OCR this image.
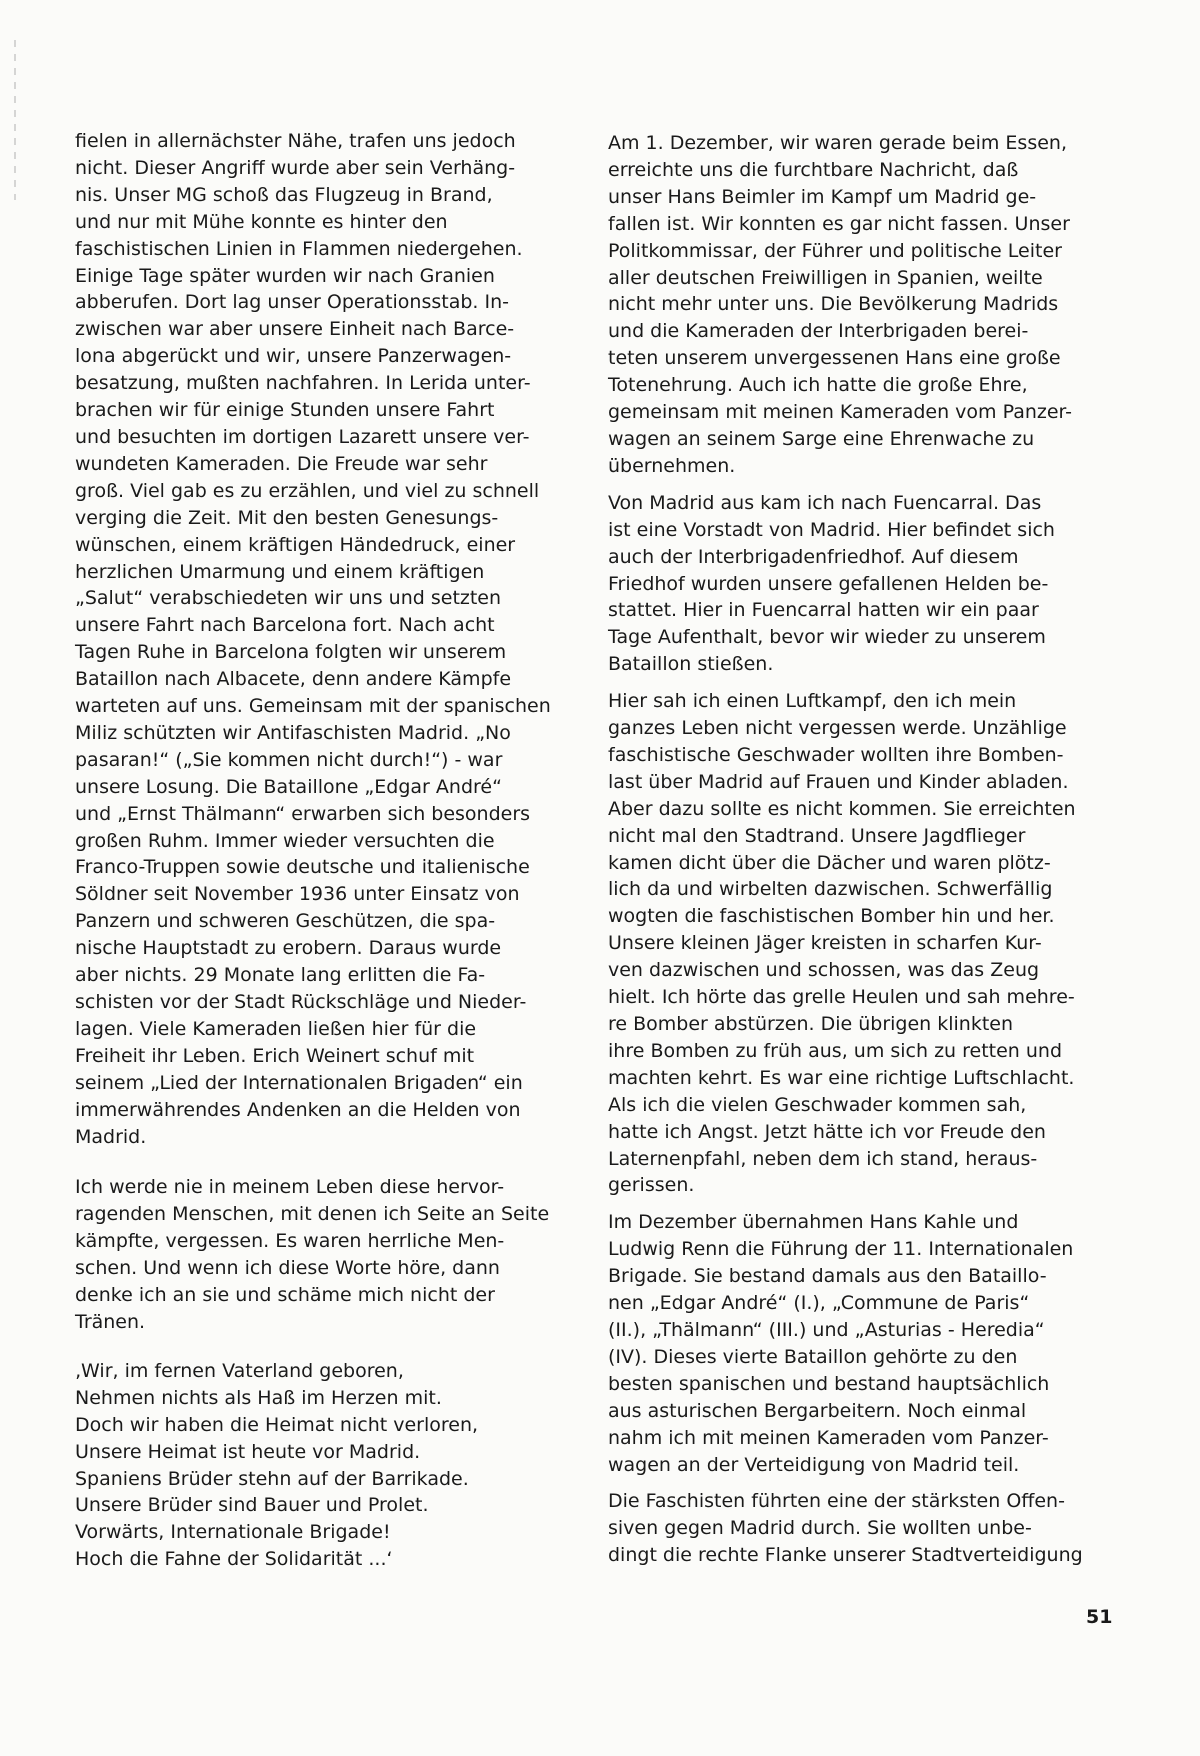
fielen in allernächster Nähe, trafen uns jedoch
nicht. Dieser Angriff wurde aber sein Verhäng-
nis. Unser MG schoß das Flugzeug in Brand,
und nur mit Mühe konnte es hinter den
faschistischen Linien in Flammen niedergehen.
Einige Tage später wurden wir nach Granien
abberufen. Dort lag unser Operationsstab. In-
zwischen war aber unsere Einheit nach Barce-
lona abgerückt und wir, unsere Panzerwagen-
besatzung, mußten nachfahren. In Lerida unter-
brachen wir für einige Stunden unsere Fahrt
und besuchten im dortigen Lazarett unsere ver-
wundeten Kameraden. Die Freude war sehr
groß. Viel gab es zu erzählen, und viel zu schnell
verging die Zeit. Mit den besten Genesungs-
wünschen, einem kräftigen Händedruck, einer
herzlichen Umarmung und einem kräftigen
„Salut“ verabschiedeten wir uns und setzten
unsere Fahrt nach Barcelona fort. Nach acht
Tagen Ruhe in Barcelona folgten wir unserem
Bataillon nach Albacete, denn andere Kämpfe
warteten auf uns. Gemeinsam mit der spanischen
Miliz schützten wir Antifaschisten Madrid. „No
pasaran!“ („Sie kommen nicht durch!“) - war
unsere Losung. Die Bataillone „Edgar André“
und „Ernst Thälmann“ erwarben sich besonders
großen Ruhm. Immer wieder versuchten die
Franco-Truppen sowie deutsche und italienische
Söldner seit November 1936 unter Einsatz von
Panzern und schweren Geschützen, die spa-
nische Hauptstadt zu erobern. Daraus wurde
aber nichts. 29 Monate lang erlitten die Fa-
schisten vor der Stadt Rückschläge und Nieder-
lagen. Viele Kameraden ließen hier für die
Freiheit ihr Leben. Erich Weinert schuf mit
seinem „Lied der Internationalen Brigaden“ ein
immerwährendes Andenken an die Helden von
Madrid.

Ich werde nie in meinem Leben diese hervor-
ragenden Menschen, mit denen ich Seite an Seite
kämpfte, vergessen. Es waren herrliche Men-
schen. Und wenn ich diese Worte höre, dann
denke ich an sie und schäme mich nicht der
Tränen.

‚Wir, im fernen Vaterland geboren,
Nehmen nichts als Haß im Herzen mit.
Doch wir haben die Heimat nicht verloren,
Unsere Heimat ist heute vor Madrid.
Spaniens Brüder stehn auf der Barrikade.
Unsere Brüder sind Bauer und Prolet.
Vorwärts, Internationale Brigade!
Hoch die Fahne der Solidarität ...‘

Am 1. Dezember, wir waren gerade beim Essen,
erreichte uns die furchtbare Nachricht, daß
unser Hans Beimler im Kampf um Madrid ge-
fallen ist. Wir konnten es gar nicht fassen. Unser
Politkommissar, der Führer und politische Leiter
aller deutschen Freiwilligen in Spanien, weilte
nicht mehr unter uns. Die Bevölkerung Madrids
und die Kameraden der Interbrigaden berei-
teten unserem unvergessenen Hans eine große
Totenehrung. Auch ich hatte die große Ehre,
gemeinsam mit meinen Kameraden vom Panzer-
wagen an seinem Sarge eine Ehrenwache zu
übernehmen.

Von Madrid aus kam ich nach Fuencarral. Das
ist eine Vorstadt von Madrid. Hier befindet sich
auch der Interbrigadenfriedhof. Auf diesem
Friedhof wurden unsere gefallenen Helden be-
stattet. Hier in Fuencarral hatten wir ein paar
Tage Aufenthalt, bevor wir wieder zu unserem
Bataillon stießen.

Hier sah ich einen Luftkampf, den ich mein
ganzes Leben nicht vergessen werde. Unzählige
faschistische Geschwader wollten ihre Bomben-
last über Madrid auf Frauen und Kinder abladen.
Aber dazu sollte es nicht kommen. Sie erreichten
nicht mal den Stadtrand. Unsere Jagdflieger
kamen dicht über die Dächer und waren plötz-
lich da und wirbelten dazwischen. Schwerfällig
wogten die faschistischen Bomber hin und her.
Unsere kleinen Jäger kreisten in scharfen Kur-
ven dazwischen und schossen, was das Zeug
hielt. Ich hörte das grelle Heulen und sah mehre-
re Bomber abstürzen. Die übrigen klinkten
ihre Bomben zu früh aus, um sich zu retten und
machten kehrt. Es war eine richtige Luftschlacht.
Als ich die vielen Geschwader kommen sah,
hatte ich Angst. Jetzt hätte ich vor Freude den
Laternenpfahl, neben dem ich stand, heraus-
gerissen.

Im Dezember übernahmen Hans Kahle und
Ludwig Renn die Führung der 11. Internationalen
Brigade. Sie bestand damals aus den Bataillo-
nen „Edgar André“ (I.), „Commune de Paris“
(II.), „Thälmann“ (III.) und „Asturias - Heredia“
(IV). Dieses vierte Bataillon gehörte zu den
besten spanischen und bestand hauptsächlich
aus asturischen Bergarbeitern. Noch einmal
nahm ich mit meinen Kameraden vom Panzer-
wagen an der Verteidigung von Madrid teil.

Die Faschisten führten eine der stärksten Offen-
siven gegen Madrid durch. Sie wollten unbe-
dingt die rechte Flanke unserer Stadtverteidigung

51
